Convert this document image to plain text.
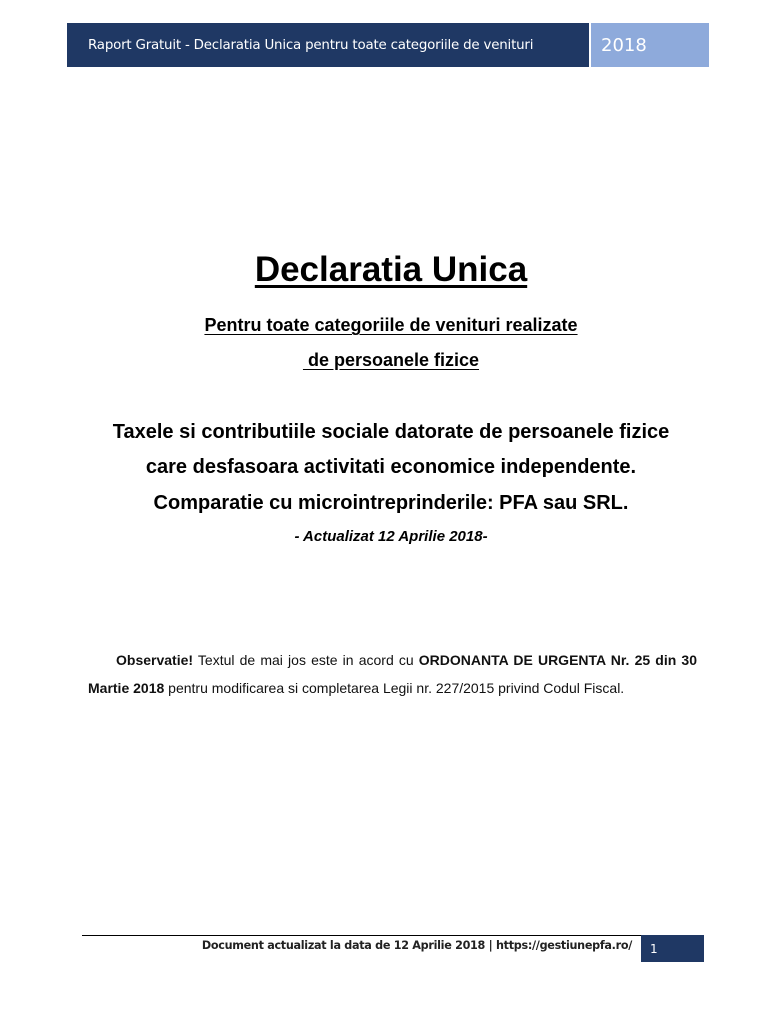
Raport Gratuit - Declaratia Unica pentru toate categoriile de venituri	2018
Declaratia Unica
Pentru toate categoriile de venituri realizate
de persoanele fizice
Taxele si contributiile sociale datorate de persoanele fizice
care desfasoara activitati economice independente.
Comparatie cu microintreprinderile: PFA sau SRL.
- Actualizat 12 Aprilie 2018-

Observatie! Textul de mai jos este in acord cu ORDONANTA DE URGENTA Nr. 25 din 30 Martie 2018 pentru modificarea si completarea Legii nr. 227/2015 privind Codul Fiscal.

Document actualizat la data de 12 Aprilie 2018 | https://gestiunepfa.ro/	1
